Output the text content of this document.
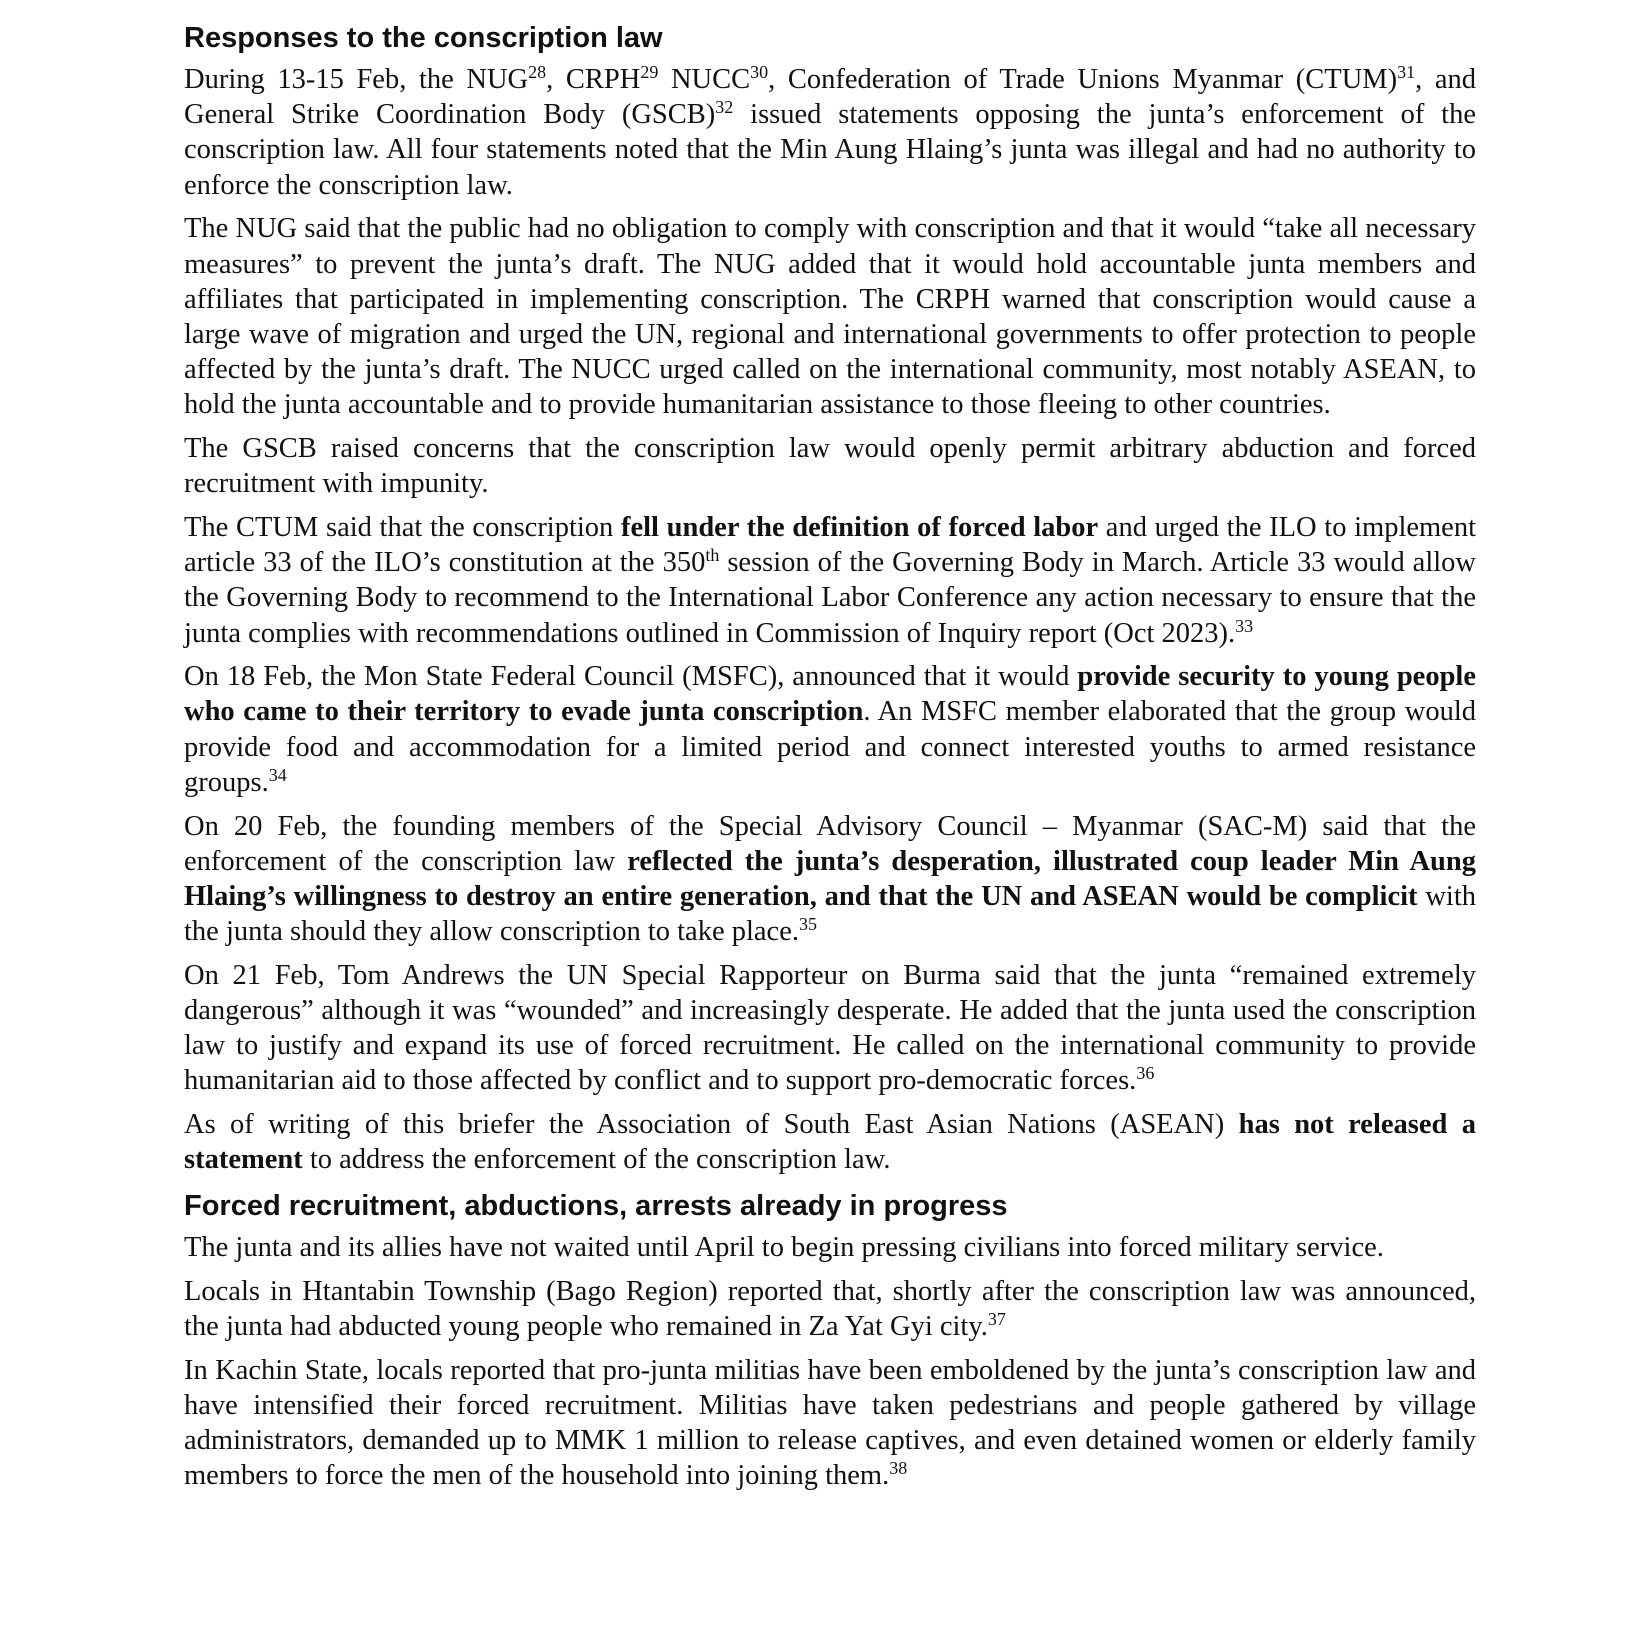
Responses to the conscription law

During 13-15 Feb, the NUG$^{28}$, CRPH$^{29}$ NUCC$^{30}$, Confederation of Trade Unions Myanmar (CTUM)$^{31}$, and General Strike Coordination Body (GSCB)$^{32}$ issued statements opposing the junta’s enforcement of the conscription law. All four statements noted that the Min Aung Hlaing’s junta was illegal and had no authority to enforce the conscription law.

The NUG said that the public had no obligation to comply with conscription and that it would “take all necessary measures” to prevent the junta’s draft. The NUG added that it would hold accountable junta members and affiliates that participated in implementing conscription. The CRPH warned that conscription would cause a large wave of migration and urged the UN, regional and international governments to offer protection to people affected by the junta’s draft. The NUCC urged called on the international community, most notably ASEAN, to hold the junta accountable and to provide humanitarian assistance to those fleeing to other countries.

The GSCB raised concerns that the conscription law would openly permit arbitrary abduction and forced recruitment with impunity.

The CTUM said that the conscription fell under the definition of forced labor and urged the ILO to implement article 33 of the ILO’s constitution at the 350th session of the Governing Body in March. Article 33 would allow the Governing Body to recommend to the International Labor Conference any action necessary to ensure that the junta complies with recommendations outlined in Commission of Inquiry report (Oct 2023).$^{33}$

On 18 Feb, the Mon State Federal Council (MSFC), announced that it would provide security to young people who came to their territory to evade junta conscription. An MSFC member elaborated that the group would provide food and accommodation for a limited period and connect interested youths to armed resistance groups.$^{34}$

On 20 Feb, the founding members of the Special Advisory Council – Myanmar (SAC-M) said that the enforcement of the conscription law reflected the junta’s desperation, illustrated coup leader Min Aung Hlaing’s willingness to destroy an entire generation, and that the UN and ASEAN would be complicit with the junta should they allow conscription to take place.$^{35}$

On 21 Feb, Tom Andrews the UN Special Rapporteur on Burma said that the junta “remained extremely dangerous” although it was “wounded” and increasingly desperate. He added that the junta used the conscription law to justify and expand its use of forced recruitment. He called on the international community to provide humanitarian aid to those affected by conflict and to support pro-democratic forces.$^{36}$

As of writing of this briefer the Association of South East Asian Nations (ASEAN) has not released a statement to address the enforcement of the conscription law.

Forced recruitment, abductions, arrests already in progress

The junta and its allies have not waited until April to begin pressing civilians into forced military service.

Locals in Htantabin Township (Bago Region) reported that, shortly after the conscription law was announced, the junta had abducted young people who remained in Za Yat Gyi city.$^{37}$

In Kachin State, locals reported that pro-junta militias have been emboldened by the junta’s conscription law and have intensified their forced recruitment. Militias have taken pedestrians and people gathered by village administrators, demanded up to MMK 1 million to release captives, and even detained women or elderly family members to force the men of the household into joining them.$^{38}$
